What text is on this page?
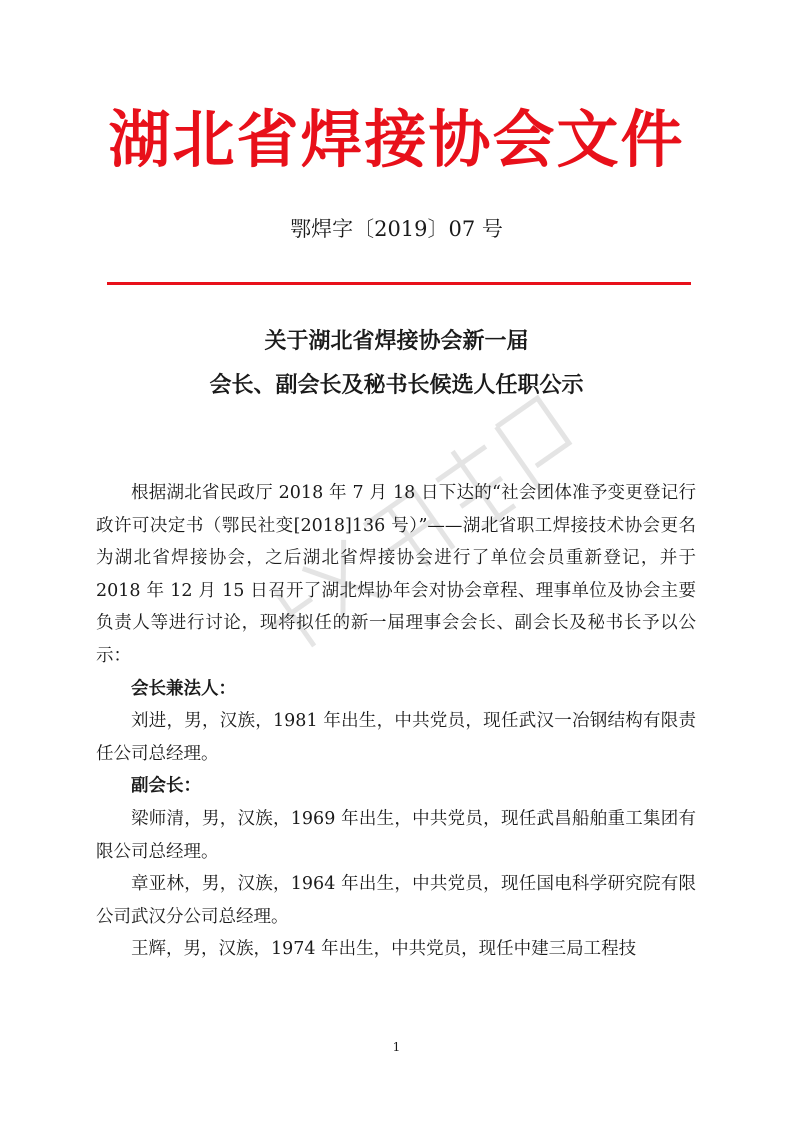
湖北省焊接协会文件
鄂焊字〔2019〕07 号
关于湖北省焊接协会新一届
会长、副会长及秘书长候选人任职公示

根据湖北省民政厅 2018 年 7 月 18 日下达的“社会团体准予变更登记行政许可决定书（鄂民社变[2018]136 号）”——湖北省职工焊接技术协会更名为湖北省焊接协会，之后湖北省焊接协会进行了单位会员重新登记，并于 2018 年 12 月 15 日召开了湖北焊协年会对协会章程、理事单位及协会主要负责人等进行讨论，现将拟任的新一届理事会会长、副会长及秘书长予以公示：

会长兼法人：

刘进，男，汉族，1981 年出生，中共党员，现任武汉一冶钢结构有限责任公司总经理。

副会长：

梁师清，男，汉族，1969 年出生，中共党员，现任武昌船舶重工集团有限公司总经理。

章亚林，男，汉族，1964 年出生，中共党员，现任国电科学研究院有限公司武汉分公司总经理。

王辉，男，汉族，1974 年出生，中共党员，现任中建三局工程技

1
